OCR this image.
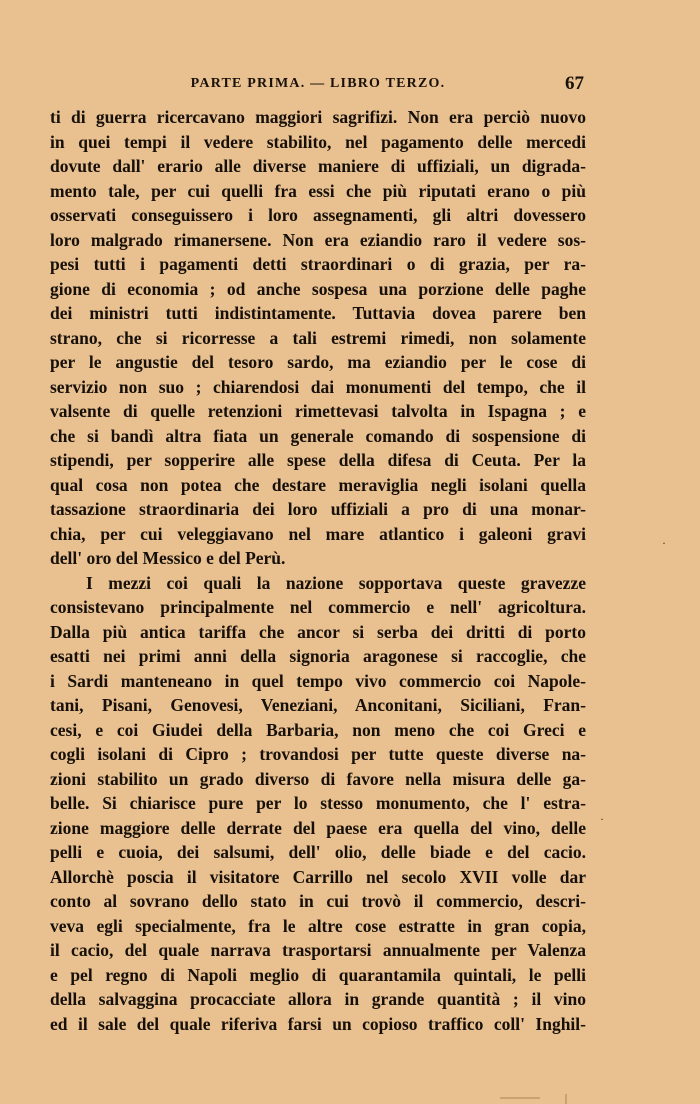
PARTE PRIMA. — LIBRO TERZO.	67
ti di guerra ricercavano maggiori sagrifizi. Non era perciò nuovo
in quei tempi il vedere stabilito, nel pagamento delle mercedi
dovute dall' erario alle diverse maniere di uffiziali, un digrada-
mento tale, per cui quelli fra essi che più riputati erano o più
osservati conseguissero i loro assegnamenti, gli altri dovessero
loro malgrado rimanersene. Non era eziandio raro il vedere sos-
pesi tutti i pagamenti detti straordinari o di grazia, per ra-
gione di economia ; od anche sospesa una porzione delle paghe
dei ministri tutti indistintamente. Tuttavia dovea parere ben
strano, che si ricorresse a tali estremi rimedi, non solamente
per le angustie del tesoro sardo, ma eziandio per le cose di
servizio non suo ; chiarendosi dai monumenti del tempo, che il
valsente di quelle retenzioni rimettevasi talvolta in Ispagna ; e
che si bandì altra fiata un generale comando di sospensione di
stipendi, per sopperire alle spese della difesa di Ceuta. Per la
qual cosa non potea che destare meraviglia negli isolani quella
tassazione straordinaria dei loro uffiziali a pro di una monar-
chia, per cui veleggiavano nel mare atlantico i galeoni gravi
dell' oro del Messico e del Perù.
I mezzi coi quali la nazione sopportava queste gravezze
consistevano principalmente nel commercio e nell' agricoltura.
Dalla più antica tariffa che ancor si serba dei dritti di porto
esatti nei primi anni della signoria aragonese si raccoglie, che
i Sardi manteneano in quel tempo vivo commercio coi Napole-
tani, Pisani, Genovesi, Veneziani, Anconitani, Siciliani, Fran-
cesi, e coi Giudei della Barbaria, non meno che coi Greci e
cogli isolani di Cipro ; trovandosi per tutte queste diverse na-
zioni stabilito un grado diverso di favore nella misura delle ga-
belle. Si chiarisce pure per lo stesso monumento, che l' estra-
zione maggiore delle derrate del paese era quella del vino, delle
pelli e cuoia, dei salsumi, dell' olio, delle biade e del cacio.
Allorchè poscia il visitatore Carrillo nel secolo XVII volle dar
conto al sovrano dello stato in cui trovò il commercio, descri-
veva egli specialmente, fra le altre cose estratte in gran copia,
il cacio, del quale narrava trasportarsi annualmente per Valenza
e pel regno di Napoli meglio di quarantamila quintali, le pelli
della salvaggina procacciate allora in grande quantità ; il vino
ed il sale del quale riferiva farsi un copioso traffico coll' Inghil-
·
·
